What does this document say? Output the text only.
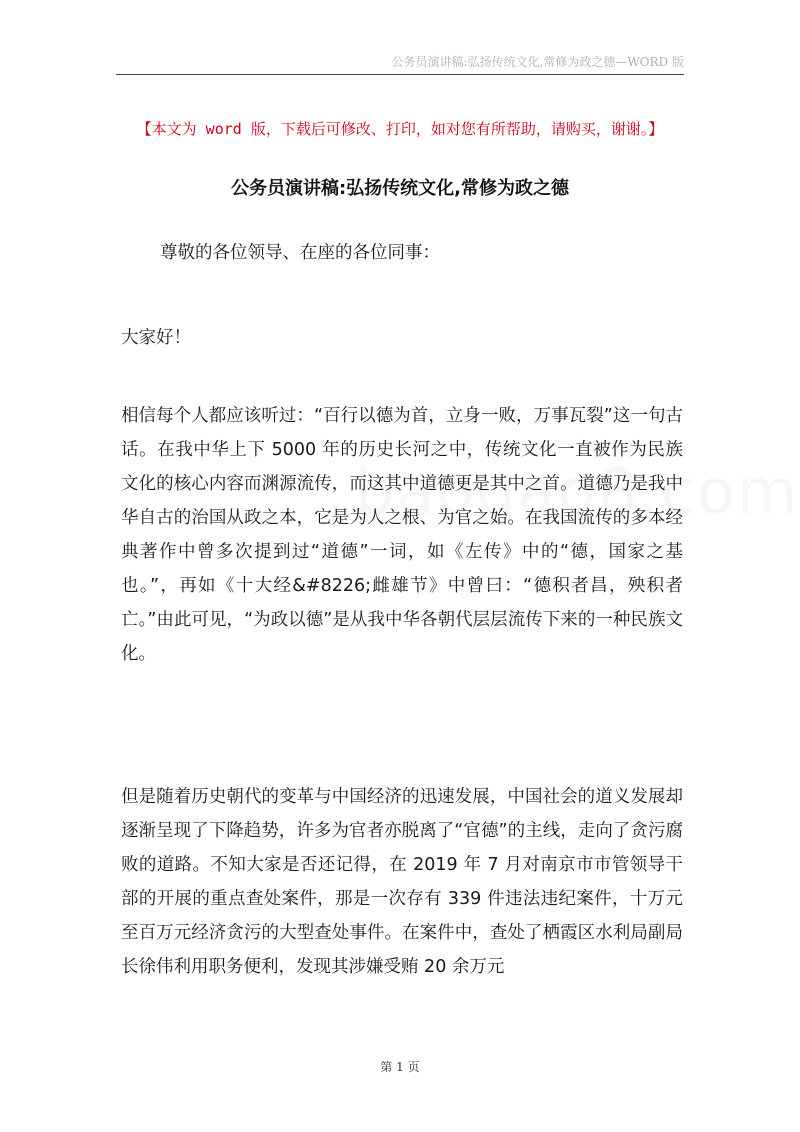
公务员演讲稿:弘扬传统文化,常修为政之德—WORD 版
【本文为 word 版，下载后可修改、打印，如对您有所帮助，请购买，谢谢。】
公务员演讲稿:弘扬传统文化,常修为政之德

尊敬的各位领导、在座的各位同事：

大家好！

相信每个人都应该听过：“百行以德为首，立身一败，万事瓦裂”这一句古话。在我中华上下 5000 年的历史长河之中，传统文化一直被作为民族文化的核心内容而渊源流传，而这其中道德更是其中之首。道德乃是我中华自古的治国从政之本，它是为人之根、为官之始。在我国流传的多本经典著作中曾多次提到过“道德”一词，如《左传》中的“德，国家之基也。”，再如《十大经&#8226;雌雄节》中曾曰：“德积者昌，殃积者亡。”由此可见，“为政以德”是从我中华各朝代层层流传下来的一种民族文化。

但是随着历史朝代的变革与中国经济的迅速发展，中国社会的道义发展却逐渐呈现了下降趋势，许多为官者亦脱离了“官德”的主线，走向了贪污腐败的道路。不知大家是否还记得，在 2019 年 7 月对南京市市管领导干部的开展的重点查处案件，那是一次存有 339 件违法违纪案件，十万元至百万元经济贪污的大型查处事件。在案件中，查处了栖霞区水利局副局长徐伟利用职务便利，发现其涉嫌受贿 20 余万元

第 1 页
